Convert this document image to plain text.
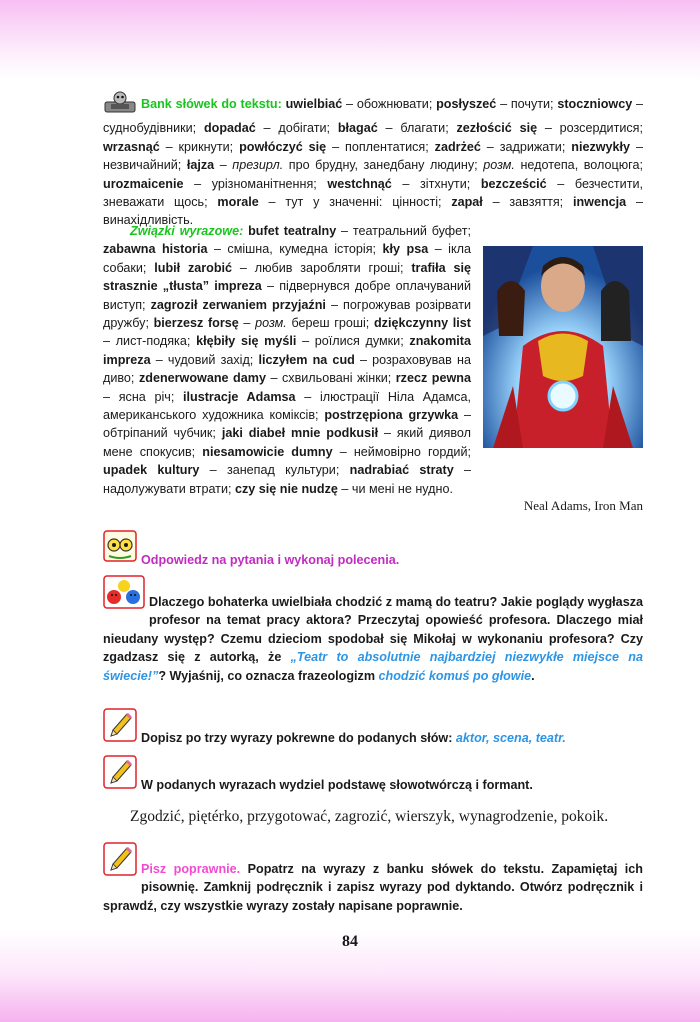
Bank słówek do tekstu: uwielbiać – обожнювати; posłyszeć – почути; stoczniowcy – суднобудівники; dopadać – добігати; błagać – благати; zezłościć się – розсердитися; wrzasnąć – крикнути; powłóczyć się – поплентатися; zadrżeć – задрижати; niezwykły – незвичайний; łajza – презирл. про брудну, занедбану людину; розм. недотепа, волоцюга; urozmaicenie – урізноманітнення; westchnąć – зітхнути; bezcześcić – безчестити, зневажати щось; morale – тут у значенні: цінності; zapał – завзяття; inwencja – винахідливість.

Neal Adams, Iron Man

Związki wyrazowe: bufet teatralny – театральний буфет; zabawna historia – смішна, кумедна історія; kły psa – ікла собаки; lubił zarobić – любив заробляти гроші; trafiła się strasznie „tłusta” impreza – підвернувся добре оплачуваний виступ; zagroził zerwaniem przyjaźni – погрожував розірвати дружбу; bierzesz forsę – розм. береш гроші; dziękczynny list – лист-подяка; kłębiły się myśli – роїлися думки; znakomita impreza – чудовий захід; liczyłem na cud – розраховував на диво; zdenerwowane damy – схвильовані жінки; rzecz pewna – ясна річ; ilustracje Adamsa – ілюстрації Ніла Адамса, американського художника коміксів; postrzępiona grzywka – обтріпаний чубчик; jaki diabeł mnie podkusił – який диявол мене спокусив; niesamowicie dumny – неймовірно гордий; upadek kultury – занепад культури; nadrabiać straty – надолужувати втрати; czy się nie nudzę – чи мені не нудно.

Odpowiedz na pytania i wykonaj polecenia.
Dlaczego bohaterka uwielbiała chodzić z mamą do teatru? Jakie poglądy wygłasza profesor na temat pracy aktora? Przeczytaj opowieść profesora. Dlaczego miał nieudany występ? Czemu dzieciom spodobał się Mikołaj w wykonaniu profesora? Czy zgadzasz się z autorką, że „Teatr to absolutnie najbardziej niezwykłe miejsce na świecie!”? Wyjaśnij, co oznacza frazeologizm chodzić komuś po głowie.
Dopisz po trzy wyrazy pokrewne do podanych słów: aktor, scena, teatr.
W podanych wyrazach wydziel podstawę słowotwórczą i formant.
Zgodzić, piętérko, przygotować, zagrozić, wierszyk, wynagrodzenie, pokoik.
Pisz poprawnie. Popatrz na wyrazy z banku słówek do tekstu. Zapamiętaj ich pisownię. Zamknij podręcznik i zapisz wyrazy pod dyktando. Otwórz podręcznik i sprawdź, czy wszystkie wyrazy zostały napisane poprawnie.
84
